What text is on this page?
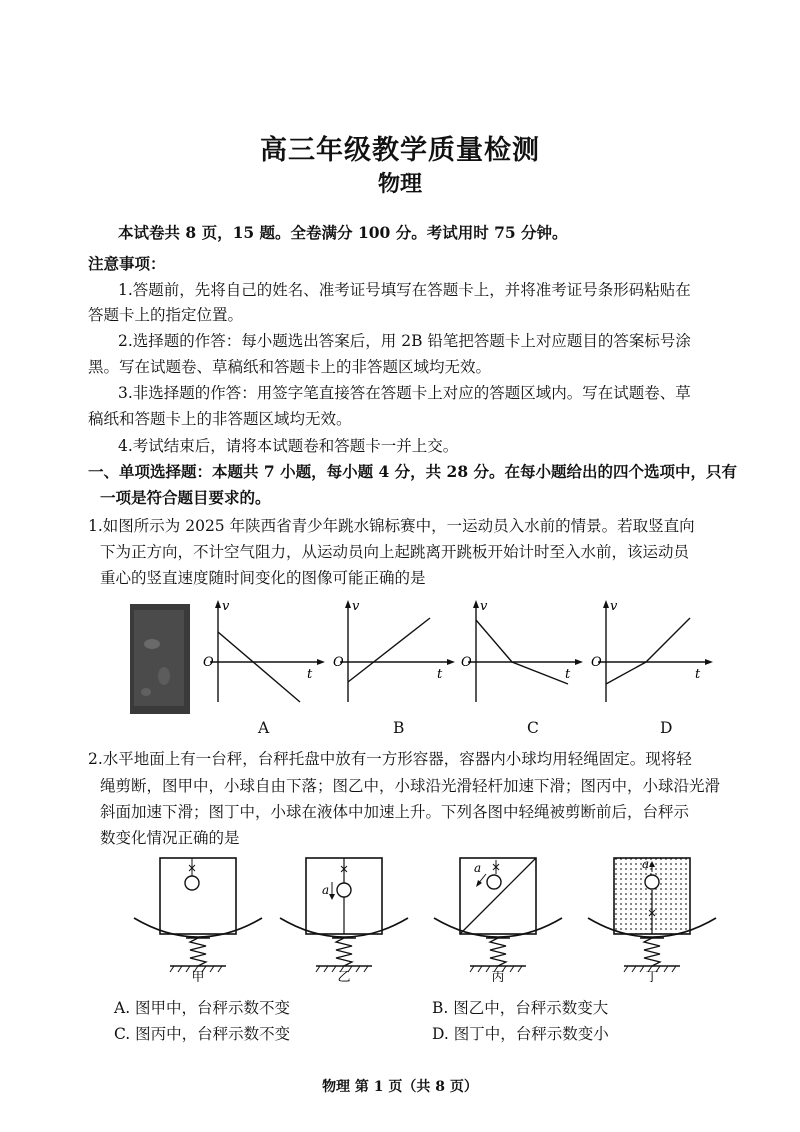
高三年级教学质量检测
物理
本试卷共 8 页，15 题。全卷满分 100 分。考试用时 75 分钟。
注意事项：
1.答题前，先将自己的姓名、准考证号填写在答题卡上，并将准考证号条形码粘贴在
答题卡上的指定位置。
2.选择题的作答：每小题选出答案后，用 2B 铅笔把答题卡上对应题目的答案标号涂
黑。写在试题卷、草稿纸和答题卡上的非答题区域均无效。
3.非选择题的作答：用签字笔直接答在答题卡上对应的答题区域内。写在试题卷、草
稿纸和答题卡上的非答题区域均无效。
4.考试结束后，请将本试题卷和答题卡一并上交。
一、单项选择题：本题共 7 小题，每小题 4 分，共 28 分。在每小题给出的四个选项中，只有
一项是符合题目要求的。
1.如图所示为 2025 年陕西省青少年跳水锦标赛中，一运动员入水前的情景。若取竖直向
下为正方向，不计空气阻力，从运动员向上起跳离开跳板开始计时至入水前，该运动员
重心的竖直速度随时间变化的图像可能正确的是
v
t
O
A
v
t
O
B
v
t
O
C
v
t
O
D
2.水平地面上有一台秤，台秤托盘中放有一方形容器，容器内小球均用轻绳固定。现将轻
绳剪断，图甲中，小球自由下落；图乙中，小球沿光滑轻杆加速下滑；图丙中，小球沿光滑
斜面加速下滑；图丁中，小球在液体中加速上升。下列各图中轻绳被剪断前后，台秤示
数变化情况正确的是
甲
a
乙
a
丙
a
丁
A. 图甲中，台秤示数不变	B. 图乙中，台秤示数变大
C. 图丙中，台秤示数不变	D. 图丁中，台秤示数变小
物理 第 1 页（共 8 页）
